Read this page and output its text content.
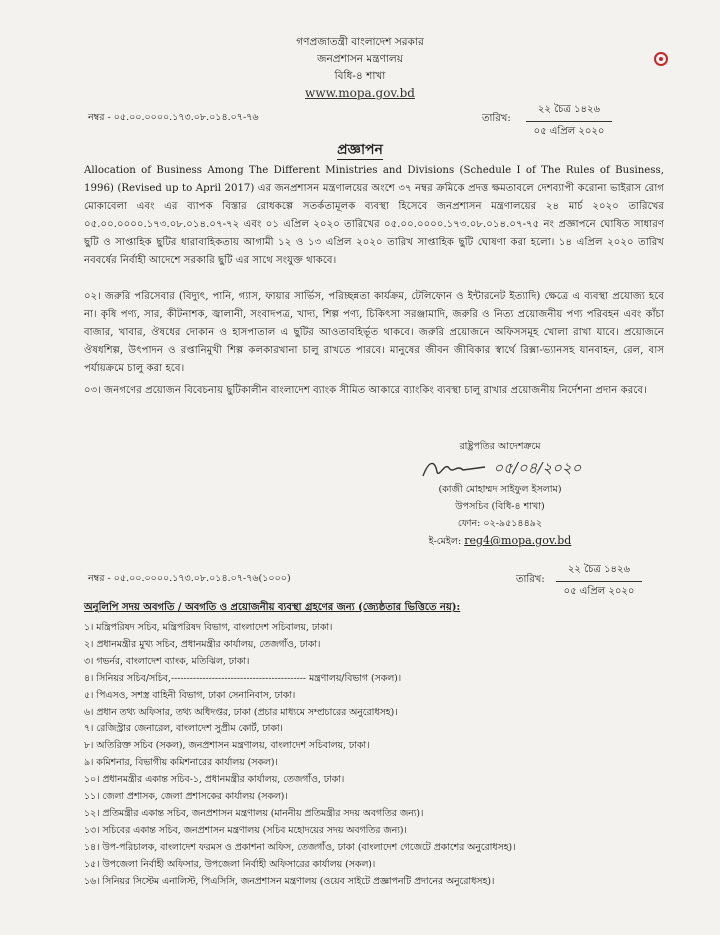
গণপ্রজাতন্ত্রী বাংলাদেশ সরকার
জনপ্রশাসন মন্ত্রণালয়
বিধি-৪ শাখা
www.mopa.gov.bd
নম্বর - ০৫.০০.০০০০.১৭৩.০৮.০১৪.০৭-৭৬	তারিখ:
২২ চৈত্র ১৪২৬
০৫ এপ্রিল ২০২০
প্রজ্ঞাপন
Allocation of Business Among The Different Ministries and Divisions (Schedule I of The Rules of Business, 1996) (Revised up to April 2017) এর জনপ্রশাসন মন্ত্রণালয়ের অংশে ৩৭ নম্বর ক্রমিকে প্রদত্ত ক্ষমতাবলে দেশব্যাপী করোনা ভাইরাস রোগ মোকাবেলা এবং এর ব্যাপক বিস্তার রোধকল্পে সতর্কতামূলক ব্যবস্থা হিসেবে জনপ্রশাসন মন্ত্রণালয়ের ২৪ মার্চ ২০২০ তারিখের ০৫.০০.০০০০.১৭৩.০৮.০১৪.০৭-৭২ এবং ০১ এপ্রিল ২০২০ তারিখের ০৫.০০.০০০০.১৭৩.০৮.০১৪.০৭-৭৫ নং প্রজ্ঞাপনে ঘোষিত সাধারণ ছুটি ও সাপ্তাহিক ছুটির ধারাবাহিকতায় আগামী ১২ ও ১৩ এপ্রিল ২০২০ তারিখ সাপ্তাহিক ছুটি ঘোষণা করা হলো। ১৪ এপ্রিল ২০২০ তারিখ নববর্ষের নির্বাহী আদেশে সরকারি ছুটি এর সাথে সংযুক্ত থাকবে।
০২। জরুরি পরিসেবার (বিদ্যুৎ, পানি, গ্যাস, ফায়ার সার্ভিস, পরিচ্ছন্নতা কার্যক্রম, টেলিফোন ও ইন্টারনেট ইত্যাদি) ক্ষেত্রে এ ব্যবস্থা প্রযোজ্য হবে না। কৃষি পণ্য, সার, কীটনাশক, জ্বালানী, সংবাদপত্র, খাদ্য, শিল্প পণ্য, চিকিৎসা সরঞ্জামাদি, জরুরি ও নিত্য প্রয়োজনীয় পণ্য পরিবহন এবং কাঁচা বাজার, খাবার, ঔষধের দোকান ও হাসপাতাল এ ছুটির আওতাবহির্ভূত থাকবে। জরুরি প্রয়োজনে অফিসসমূহ খোলা রাখা যাবে। প্রয়োজনে ঔষধশিল্প, উৎপাদন ও রপ্তানিমুখী শিল্প কলকারখানা চালু রাখতে পারবে। মানুষের জীবন জীবিকার স্বার্থে রিক্সা-ভ্যানসহ যানবাহন, রেল, বাস পর্যায়ক্রমে চালু করা হবে।
০৩। জনগণের প্রয়োজন বিবেচনায় ছুটিকালীন বাংলাদেশ ব্যাংক সীমিত আকারে ব্যাংকিং ব্যবস্থা চালু রাখার প্রয়োজনীয় নির্দেশনা প্রদান করবে।
রাষ্ট্রপতির আদেশক্রমে
০৫/০৪/২০২০
(কাজী মোহাম্মদ সাইফুল ইসলাম)
উপসচিব (বিধি-৪ শাখা)
ফোন: ০২-৯৫১৪৪৯২
ই-মেইল: reg4@mopa.gov.bd
নম্বর - ০৫.০০.০০০০.১৭৩.০৮.০১৪.০৭-৭৬(১০০০)	তারিখ:
২২ চৈত্র ১৪২৬
০৫ এপ্রিল ২০২০
অনুলিপি সদয় অবগতি / অবগতি ও প্রয়োজনীয় ব্যবস্থা গ্রহণের জন্য (জ্যেষ্ঠতার ভিত্তিতে নয়):
১। মন্ত্রিপরিষদ সচিব, মন্ত্রিপরিষদ বিভাগ, বাংলাদেশ সচিবালয়, ঢাকা।
২। প্রধানমন্ত্রীর মুখ্য সচিব, প্রধানমন্ত্রীর কার্যালয়, তেজগাঁও, ঢাকা।
৩। গভর্নর, বাংলাদেশ ব্যাংক, মতিঝিল, ঢাকা।
৪। সিনিয়র সচিব/সচিব,------------------------------------------- মন্ত্রণালয়/বিভাগ (সকল)।
৫। পিএসও, সশস্ত্র বাহিনী বিভাগ, ঢাকা সেনানিবাস, ঢাকা।
৬। প্রধান তথ্য অফিসার, তথ্য অধিদপ্তর, ঢাকা (প্রচার মাধ্যমে সম্প্রচারের অনুরোধসহ)।
৭। রেজিস্ট্রার জেনারেল, বাংলাদেশ সুপ্রীম কোর্ট, ঢাকা।
৮। অতিরিক্ত সচিব (সকল), জনপ্রশাসন মন্ত্রণালয়, বাংলাদেশ সচিবালয়, ঢাকা।
৯। কমিশনার, বিভাগীয় কমিশনারের কার্যালয় (সকল)।
১০। প্রধানমন্ত্রীর একান্ত সচিব-১, প্রধানমন্ত্রীর কার্যালয়, তেজগাঁও, ঢাকা।
১১। জেলা প্রশাসক, জেলা প্রশাসকের কার্যালয় (সকল)।
১২। প্রতিমন্ত্রীর একান্ত সচিব, জনপ্রশাসন মন্ত্রণালয় (মাননীয় প্রতিমন্ত্রীর সদয় অবগতির জন্য)।
১৩। সচিবের একান্ত সচিব, জনপ্রশাসন মন্ত্রণালয় (সচিব মহোদয়ের সদয় অবগতির জন্য)।
১৪। উপ-পরিচালক, বাংলাদেশ ফরমস ও প্রকাশনা অফিস, তেজগাঁও, ঢাকা (বাংলাদেশ গেজেটে প্রকাশের অনুরোধসহ)।
১৫। উপজেলা নির্বাহী অফিসার, উপজেলা নির্বাহী অফিসারের কার্যালয় (সকল)।
১৬। সিনিয়র সিস্টেম এনালিস্ট, পিএসিসি, জনপ্রশাসন মন্ত্রণালয় (ওয়েব সাইটে প্রজ্ঞাপনটি প্রদানের অনুরোধসহ)।
